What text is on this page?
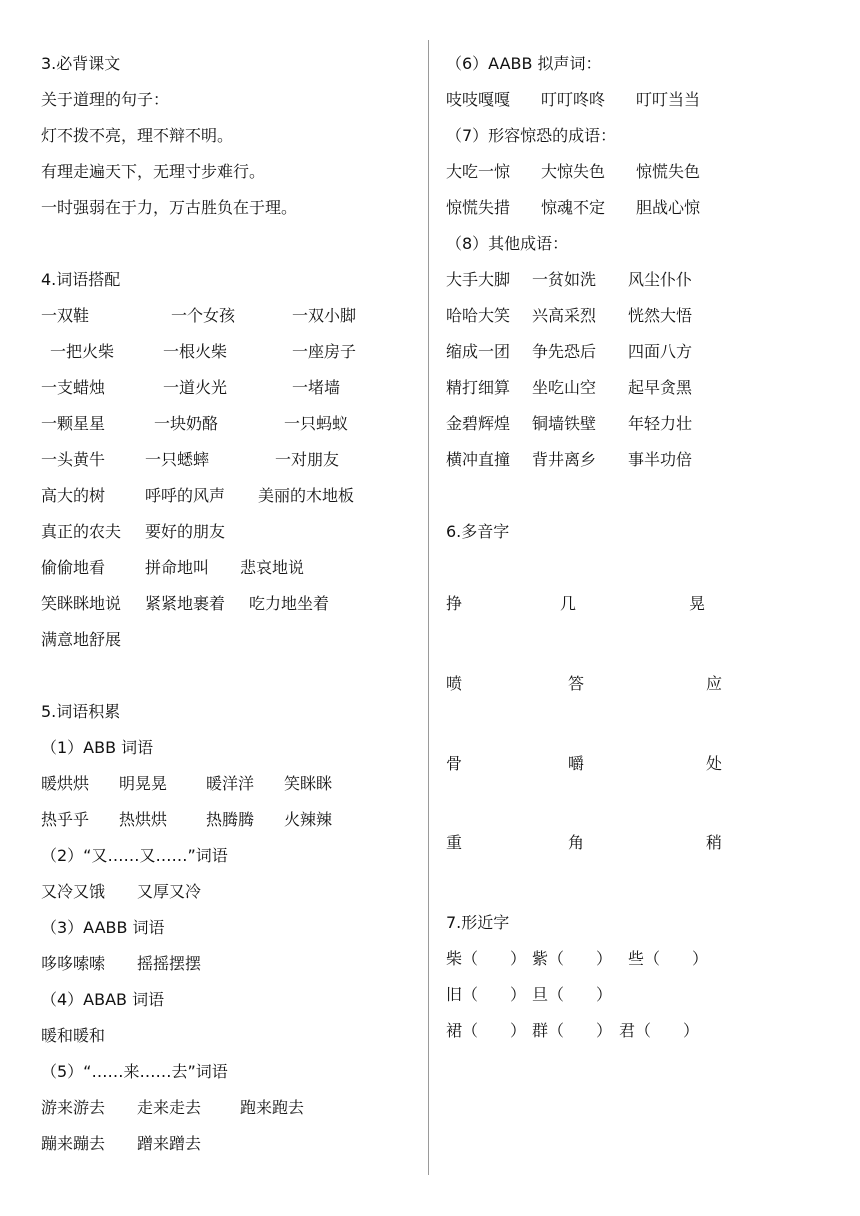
3.必背课文
关于道理的句子：
灯不拨不亮，理不辩不明。
有理走遍天下，无理寸步难行。
一时强弱在于力，万古胜负在于理。
4.词语搭配
一双鞋	一个女孩	一双小脚
一把火柴	一根火柴	一座房子
一支蜡烛	一道火光	一堵墙
一颗星星	一块奶酪	一只蚂蚁
一头黄牛 一只蟋蟀	一对朋友
高大的树 呼呼的风声 美丽的木地板
真正的农夫 要好的朋友
偷偷地看 拼命地叫 悲哀地说
笑眯眯地说 紧紧地裹着 吃力地坐着
满意地舒展
5.词语积累
（1）ABB 词语
暖烘烘 明晃晃 暖洋洋 笑眯眯
热乎乎 热烘烘 热腾腾 火辣辣
（2）“又……又……”词语
又冷又饿 又厚又冷
（3）AABB 词语
哆哆嗦嗦 摇摇摆摆
（4）ABAB 词语
暖和暖和
（5）“……来……去”词语
游来游去 走来走去 跑来跑去
蹦来蹦去 蹭来蹭去
（6）AABB 拟声词：
吱吱嘎嘎 叮叮咚咚 叮叮当当
（7）形容惊恐的成语：
大吃一惊 大惊失色 惊慌失色
惊慌失措 惊魂不定 胆战心惊
（8）其他成语：
大手大脚 一贫如洗 风尘仆仆
哈哈大笑 兴高采烈 恍然大悟
缩成一团 争先恐后 四面八方
精打细算 坐吃山空 起早贪黑
金碧辉煌 铜墙铁壁 年轻力壮
横冲直撞 背井离乡 事半功倍
6.多音字
挣	几	晃
喷	答	应
骨	嚼	处
重	角	稍
7.形近字
柴（　　） 紫（　　） 些（　　）
旧（　　） 旦（　　）
裙（　　） 群（　　） 君（　　）
